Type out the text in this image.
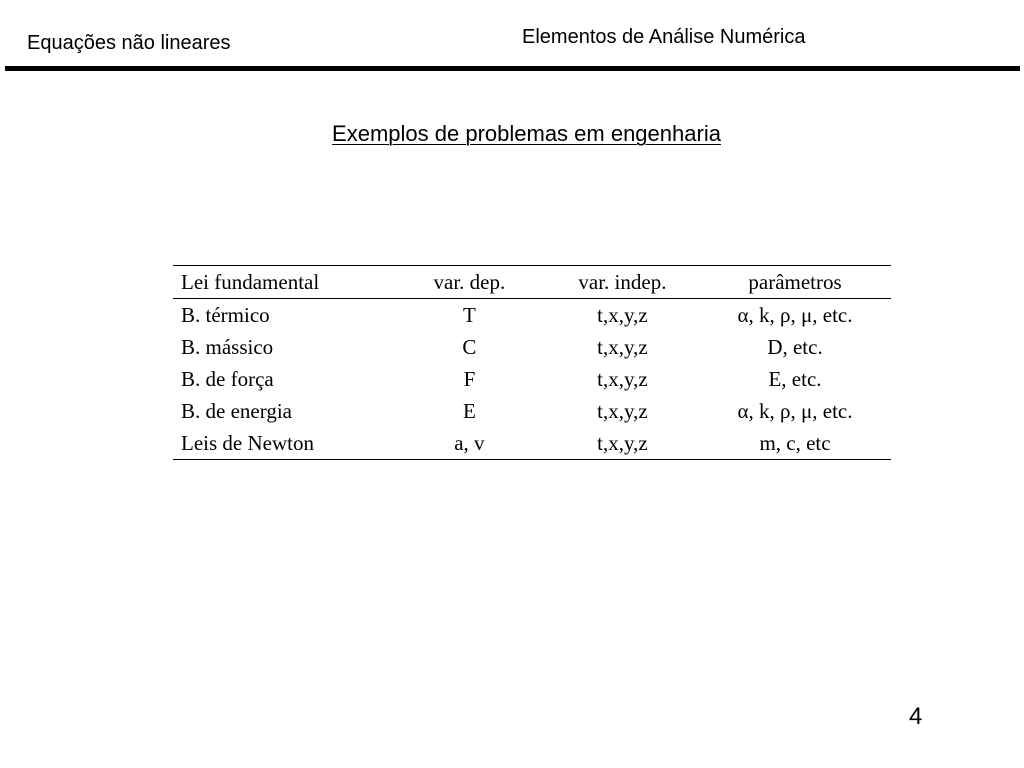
Equações não lineares	Elementos de Análise Numérica
Exemplos de problemas em engenharia
Lei fundamental	var. dep.	var. indep.	parâmetros
B. térmico	T	t,x,y,z	α, k, ρ, μ, etc.
B. mássico	C	t,x,y,z	D, etc.
B. de força	F	t,x,y,z	E, etc.
B. de energia	E	t,x,y,z	α, k, ρ, μ, etc.
Leis de Newton	a, v	t,x,y,z	m, c, etc
4
